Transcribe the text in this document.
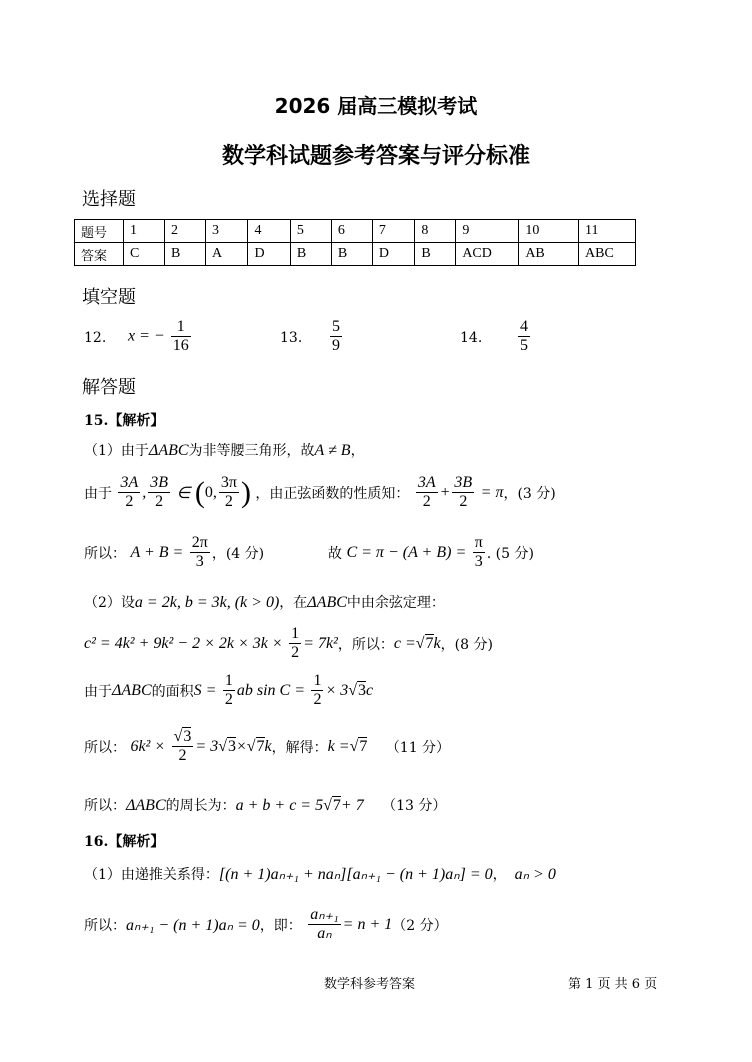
2026 届高三模拟考试
数学科试题参考答案与评分标准
选择题
题号	1	2	3	4	5	6	7	8	9	10	11
答案	C	B	A	D	B	B	D	B	ACD	AB	ABC
填空题
12. x = − $\frac{1}{16}$	13. $\frac{5}{9}$	14. $\frac{4}{5}$
解答题
15.【解析】
（1）由于ΔABC为非等腰三角形，故A ≠ B，
由于 $\frac{3A}{2}$ , $\frac{3B}{2}$ ∈ (0, $\frac{3\pi}{2}$ ) ，由正弦函数的性质知： $\frac{3A}{2} + \frac{3B}{2} = \pi$，(3 分)
所以： $A + B = \frac{2\pi}{3}$ ，(4 分)	故 $C = \pi - (A + B) = \frac{\pi}{3}$ . (5 分)
（2）设a = 2k, b = 3k, (k > 0)，在ΔABC中由余弦定理：
$c^2 = 4k^2 + 9k^2 - 2 \times 2k \times 3k \times \frac{1}{2} = 7k^2$，所以：c =√7k，(8 分)
由于ΔABC的面积$S = \frac{1}{2}$ ab $\sin C = \frac{1}{2} \times 3√3c$
所以： $6k^2 \times \frac{√3}{2} = 3√3\times√7k$，解得：k =√7 （11 分）
所以：ΔABC的周长为：a + b + c = 5√7+ 7 （13 分）
16.【解析】
（1）由递推关系得：[(n + 1)aₙ₊₁ + naₙ][aₙ₊₁ − (n + 1)aₙ] = 0， aₙ > 0
所以：aₙ₊₁ − (n + 1)aₙ = 0，即： $\frac{\text{aₙ₊₁}}{\text{aₙ}} = n + 1(2$ 分）
数学科参考答案	第 1 页 共 6 页
